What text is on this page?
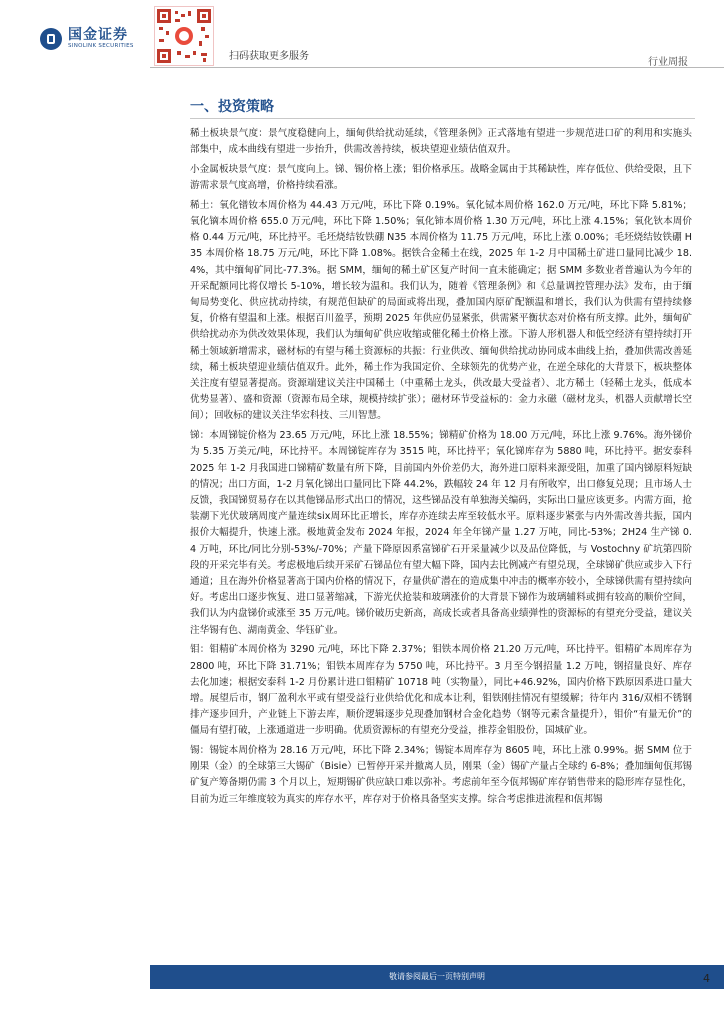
国金证券
SINOLINK SECURITIES
扫码获取更多服务
行业周报
一、投资策略

稀土板块景气度：景气度稳健向上，缅甸供给扰动延续，《管理条例》正式落地有望进一步规范进口矿的利用和实施头部集中，成本曲线有望进一步抬升，供需改善持续，板块望迎业绩估值双升。

小金属板块景气度：景气度向上。锑、锡价格上涨；钼价格承压。战略金属由于其稀缺性，库存低位、供给受限，且下游需求景气度高增，价格持续看涨。

稀土：氧化镨钕本周价格为 44.43 万元/吨，环比下降 0.19%。氧化铽本周价格 162.0 万元/吨，环比下降 5.81%；氧化镝本周价格 655.0 万元/吨，环比下降 1.50%；氧化铈本周价格 1.30 万元/吨，环比上涨 4.15%；氧化钬本周价格 0.44 万元/吨，环比持平。毛坯烧结钕铁硼 N35 本周价格为 11.75 万元/吨，环比上涨 0.00%；毛坯烧结钕铁硼 H35 本周价格 18.75 万元/吨，环比下降 1.08%。据铁合金稀土在线，2025 年 1-2 月中国稀土矿进口量同比减少 18.4%，其中缅甸矿同比-77.3%。据 SMM，缅甸的稀土矿区复产时间一直未能确定；据 SMM 多数业者普遍认为今年的开采配额同比将仅增长 5-10%，增长较为温和。我们认为，随着《管理条例》和《总量调控管理办法》发布，由于缅甸局势变化、供应扰动持续，有规范但缺矿的局面或将出现，叠加国内原矿配额温和增长，我们认为供需有望持续修复，价格有望温和上涨。根据百川盈孚，预期 2025 年供应仍显紧张，供需紧平衡状态对价格有所支撑。此外，缅甸矿供给扰动亦为供改效果体现，我们认为缅甸矿供应收缩或催化稀土价格上涨。下游人形机器人和低空经济有望持续打开稀土领域新增需求，磁材标的有望与稀土资源标的共振：行业供改、缅甸供给扰动协同成本曲线上抬，叠加供需改善延续，稀土板块望迎业绩估值双升。此外，稀土作为我国定价、全球领先的优势产业，在逆全球化的大背景下，板块整体关注度有望显著提高。资源端建议关注中国稀土（中重稀土龙头，供改最大受益者）、北方稀土（轻稀土龙头，低成本优势显著）、盛和资源（资源布局全球，规模持续扩张）；磁材环节受益标的：金力永磁（磁材龙头，机器人贡献增长空间）；回收标的建议关注华宏科技、三川智慧。

锑：本周锑锭价格为 23.65 万元/吨，环比上涨 18.55%；锑精矿价格为 18.00 万元/吨，环比上涨 9.76%。海外锑价为 5.35 万美元/吨，环比持平。本周锑锭库存为 3515 吨，环比持平；氧化锑库存为 5880 吨，环比持平。据安泰科 2025 年 1-2 月我国进口锑精矿数量有所下降，目前国内外价差仍大，海外进口原料来源受阻，加重了国内锑原料短缺的情况；出口方面，1-2 月氧化锑出口量同比下降 44.2%，跌幅较 24 年 12 月有所收窄，出口修复兑现；且市场人士反馈，我国锑贸易存在以其他锑品形式出口的情况，这些锑品没有单独海关编码，实际出口量应该更多。内需方面，抢装潮下光伏玻璃周度产量连续six周环比正增长，库存亦连续去库至较低水平。原料逐步紧张与内外需改善共振，国内报价大幅提升，快速上涨。极地黄金发布 2024 年报，2024 年全年锑产量 1.27 万吨，同比-53%；2H24 生产锑 0.4 万吨，环比/同比分别-53%/-70%；产量下降原因系富锑矿石开采量减少以及品位降低，与 Vostochny 矿坑第四阶段的开采完毕有关。考虑极地后续开采矿石锑品位有望大幅下降，国内去比例减产有望兑现，全球锑矿供应或步入下行通道；且在海外价格显著高于国内价格的情况下，存量供矿潜在的造成集中冲击的概率亦较小，全球锑供需有望持续向好。考虑出口逐步恢复、进口显著缩减，下游光伏抢装和玻璃涨价的大背景下锑作为玻璃辅料或拥有较高的顺价空间，我们认为内盘锑价或涨至 35 万元/吨。锑价破历史新高，高成长或者具备高业绩弹性的资源标的有望充分受益，建议关注华锡有色、湖南黄金、华钰矿业。

钼：钼精矿本周价格为 3290 元/吨，环比下降 2.37%；钼铁本周价格 21.20 万元/吨，环比持平。钼精矿本周库存为 2800 吨，环比下降 31.71%；钼铁本周库存为 5750 吨，环比持平。3 月至今钢招量 1.2 万吨，钢招量良好、库存去化加速；根据安泰科 1-2 月份累计进口钼精矿 10718 吨（实物量），同比+46.92%，国内价格下跌原因系进口量大增。展望后市，钢厂盈利水平或有望受益行业供给优化和成本让利，钼铁刚挂情况有望缓解；待年内 316/双相不锈钢排产逐步回升，产业链上下游去库，顺价逻辑逐步兑现叠加钢材合金化趋势（钢等元素含量提升），钼价“有量无价”的僵局有望打破，上涨通道进一步明确。优质资源标的有望充分受益，推荐金钼股份，国城矿业。

锡：锡锭本周价格为 28.16 万元/吨，环比下降 2.34%；锡锭本周库存为 8605 吨，环比上涨 0.99%。据 SMM 位于刚果（金）的全球第三大锡矿（Bisie）已暂停开采并撤离人员，刚果（金）锡矿产量占全球约 6-8%；叠加缅甸佤邦锡矿复产筹备期仍需 3 个月以上，短期锡矿供应缺口难以弥补。考虑前年至今佤邦锡矿库存销售带来的隐形库存显性化，目前为近三年维度较为真实的库存水平，库存对于价格具备坚实支撑。综合考虑推进流程和佤邦锡

敬请参阅最后一页特别声明	4
